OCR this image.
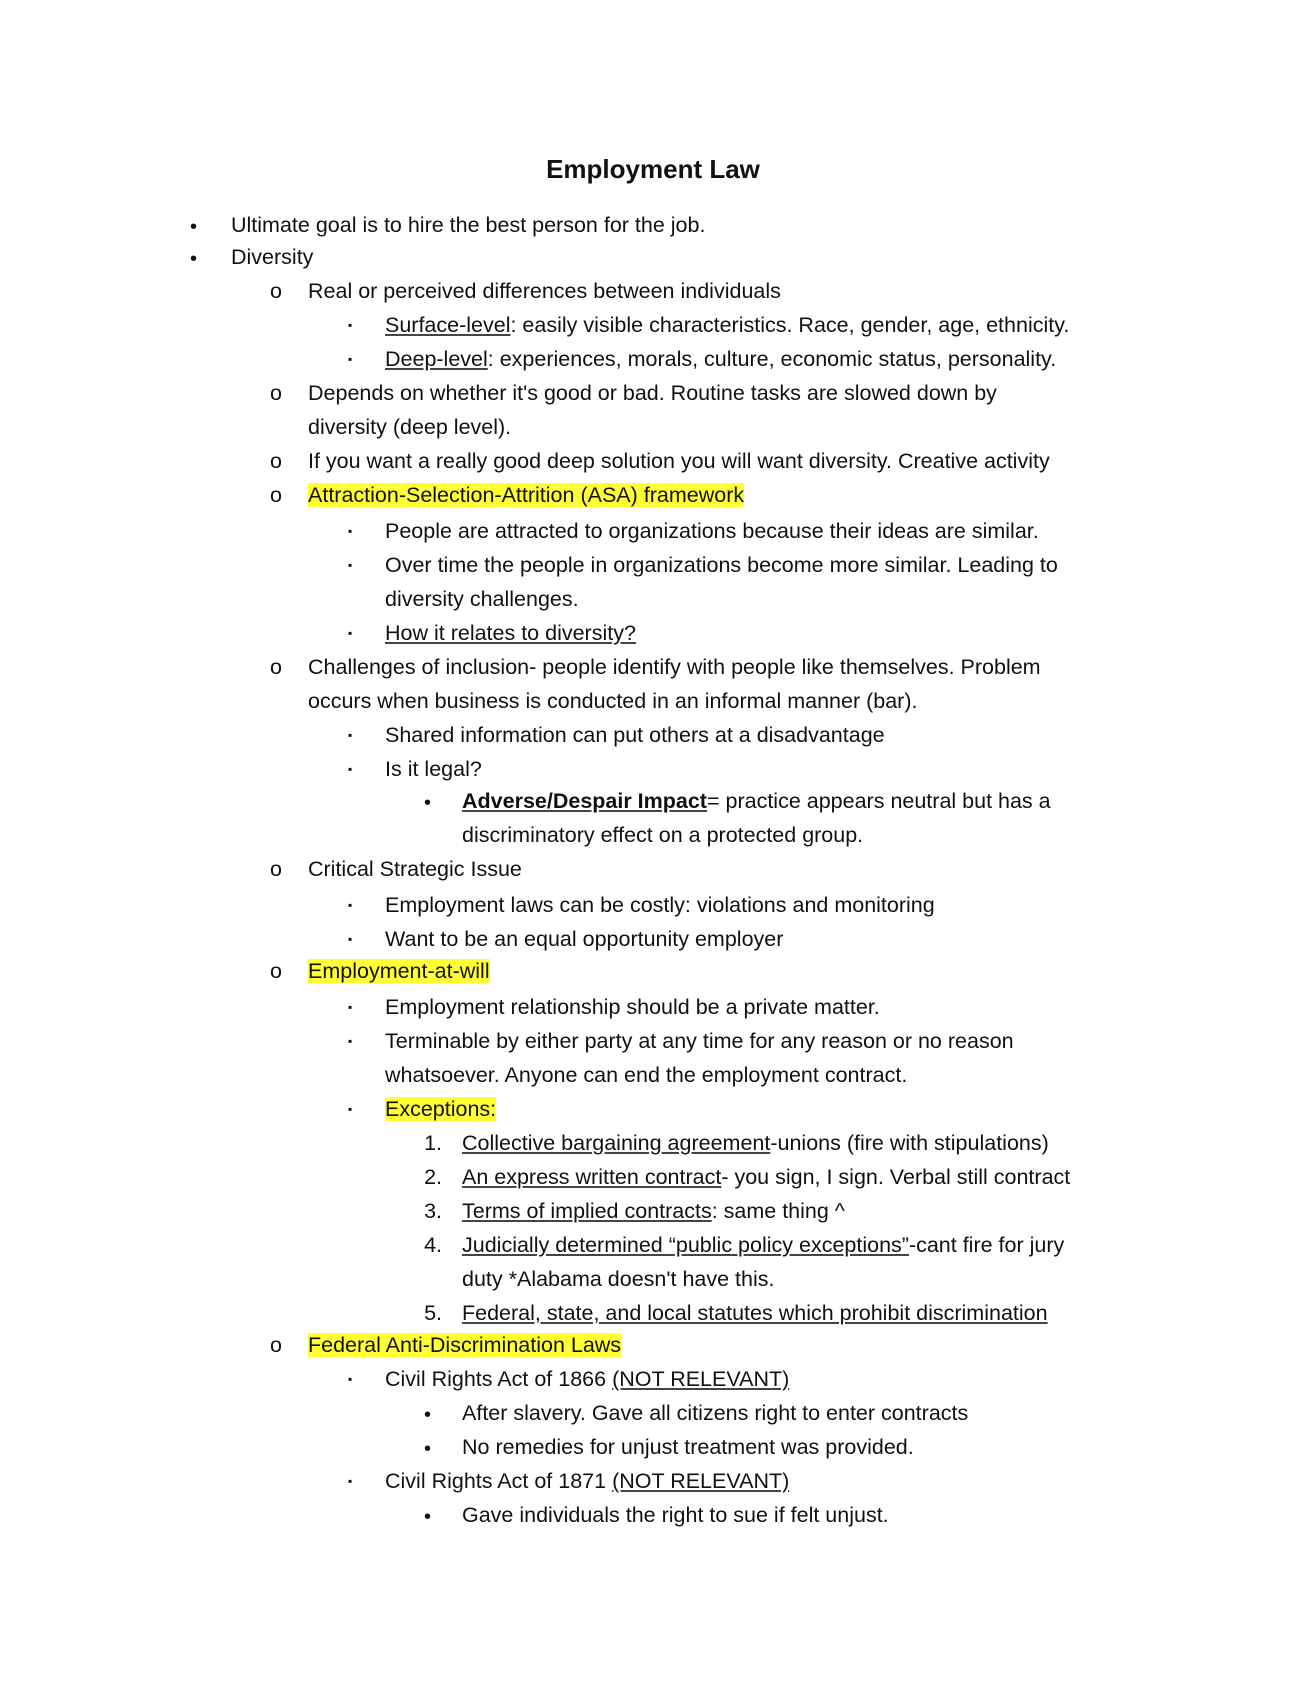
Employment Law
• Ultimate goal is to hire the best person for the job.
• Diversity
o Real or perceived differences between individuals
▪ Surface-level: easily visible characteristics. Race, gender, age, ethnicity.
▪ Deep-level: experiences, morals, culture, economic status, personality.
o Depends on whether it's good or bad. Routine tasks are slowed down by
diversity (deep level).
o If you want a really good deep solution you will want diversity. Creative activity
o Attraction-Selection-Attrition (ASA) framework
▪ People are attracted to organizations because their ideas are similar.
▪ Over time the people in organizations become more similar. Leading to
diversity challenges.
▪ How it relates to diversity?
o Challenges of inclusion- people identify with people like themselves. Problem
occurs when business is conducted in an informal manner (bar).
▪ Shared information can put others at a disadvantage
▪ Is it legal?
• Adverse/Despair Impact= practice appears neutral but has a
discriminatory effect on a protected group.
o Critical Strategic Issue
▪ Employment laws can be costly: violations and monitoring
▪ Want to be an equal opportunity employer
o Employment-at-will
▪ Employment relationship should be a private matter.
▪ Terminable by either party at any time for any reason or no reason
whatsoever. Anyone can end the employment contract.
▪ Exceptions:
1. Collective bargaining agreement-unions (fire with stipulations)
2. An express written contract- you sign, I sign. Verbal still contract
3. Terms of implied contracts: same thing ^
4. Judicially determined “public policy exceptions”-cant fire for jury
duty *Alabama doesn't have this.
5. Federal, state, and local statutes which prohibit discrimination
o Federal Anti-Discrimination Laws
▪ Civil Rights Act of 1866 (NOT RELEVANT)
• After slavery. Gave all citizens right to enter contracts
• No remedies for unjust treatment was provided.
▪ Civil Rights Act of 1871 (NOT RELEVANT)
• Gave individuals the right to sue if felt unjust.
